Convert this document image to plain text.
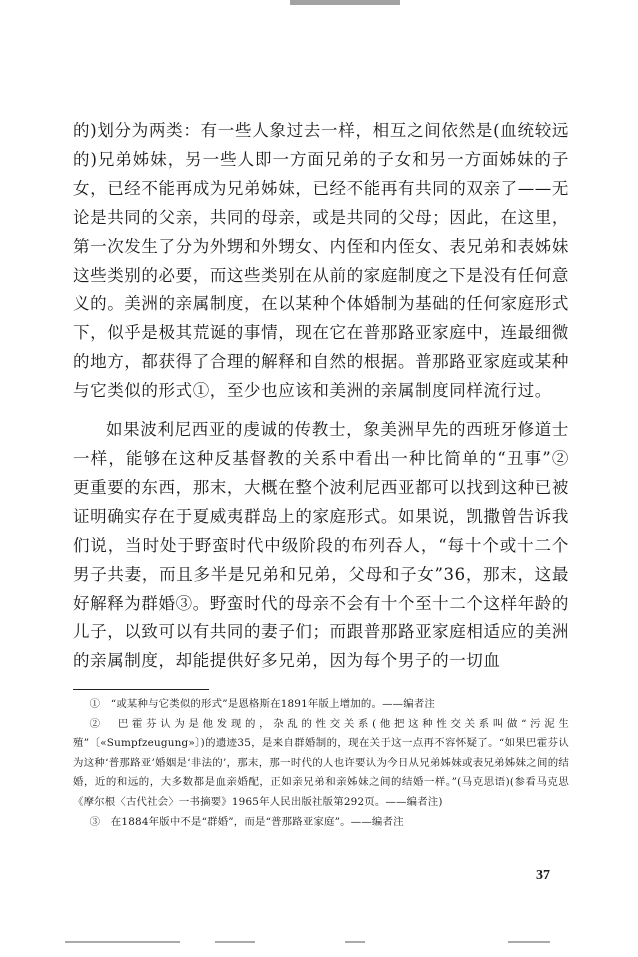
的)划分为两类：有一些人象过去一样，相互之间依然是(血统较远的)兄弟姊妹，另一些人即一方面兄弟的子女和另一方面姊妹的子女，已经不能再成为兄弟姊妹，已经不能再有共同的双亲了——无论是共同的父亲，共同的母亲，或是共同的父母；因此，在这里，第一次发生了分为外甥和外甥女、内侄和内侄女、表兄弟和表姊妹这些类别的必要，而这些类别在从前的家庭制度之下是没有任何意义的。美洲的亲属制度，在以某种个体婚制为基础的任何家庭形式下，似乎是极其荒诞的事情，现在它在普那路亚家庭中，连最细微的地方，都获得了合理的解释和自然的根据。普那路亚家庭或某种与它类似的形式①，至少也应该和美洲的亲属制度同样流行过。

如果波利尼西亚的虔诚的传教士，象美洲早先的西班牙修道士一样，能够在这种反基督教的关系中看出一种比简单的“丑事”②更重要的东西，那末，大概在整个波利尼西亚都可以找到这种已被证明确实存在于夏威夷群岛上的家庭形式。如果说，凯撒曾告诉我们说，当时处于野蛮时代中级阶段的布列吞人，“每十个或十二个男子共妻，而且多半是兄弟和兄弟，父母和子女”36，那末，这最好解释为群婚③。野蛮时代的母亲不会有十个至十二个这样年龄的儿子，以致可以有共同的妻子们；而跟普那路亚家庭相适应的美洲的亲属制度，却能提供好多兄弟，因为每个男子的一切血

①　“或某种与它类似的形式”是恩格斯在1891年版上增加的。——编者注

②　巴霍芬认为是他发现的，杂乱的性交关系(他把这种性交关系叫做“污泥生殖”〔«Sumpfzeugung»〕)的遗迹35，是来自群婚制的，现在关于这一点再不容怀疑了。“如果巴霍芬认为这种‘普那路亚’婚姻是‘非法的’，那末，那一时代的人也许要认为今日从兄弟姊妹或表兄弟姊妹之间的结婚，近的和远的，大多数都是血亲婚配，正如亲兄弟和亲姊妹之间的结婚一样。”(马克思语)(参看马克思《摩尔根〈古代社会〉一书摘要》1965年人民出版社版第292页。——编者注)

③　在1884年版中不是“群婚”，而是“普那路亚家庭”。——编者注

37
